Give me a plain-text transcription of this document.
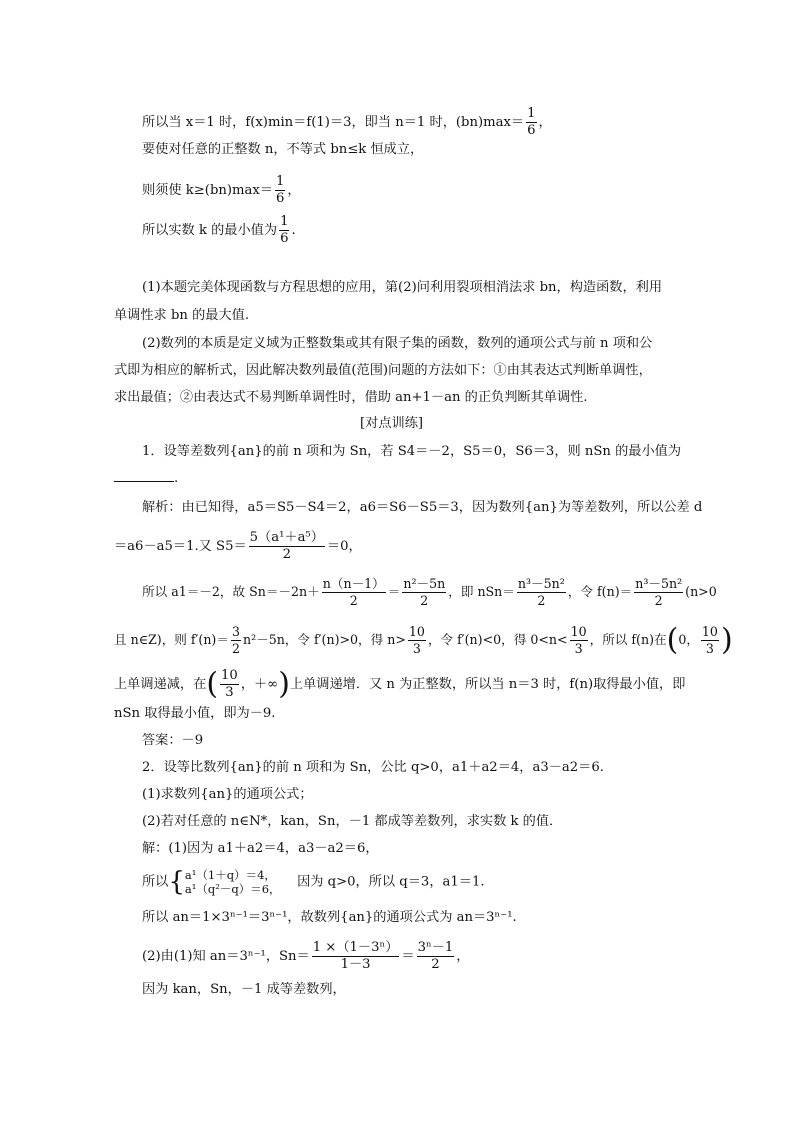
所以当 x＝1 时，f(x)min＝f(1)＝3，即当 n＝1 时，$(bn)\max= \frac{1}{6}$ ，
要使对任意的正整数 n，不等式 bn≤k 恒成立，
则须使 $k\ge(bn)\max= \frac{1}{6}$ ，
所以实数 k 的最小值为 $\frac{1}{6}$ .
(1)本题完美体现函数与方程思想的应用，第(2)问利用裂项相消法求 bn，构造函数，利用
单调性求 bn 的最大值.
(2)数列的本质是定义域为正整数集或其有限子集的函数，数列的通项公式与前 n 项和公
式即为相应的解析式，因此解决数列最值(范围)问题的方法如下：①由其表达式判断单调性，
求出最值；②由表达式不易判断单调性时，借助 an+1－an 的正负判断其单调性.
[对点训练]
1．设等差数列{an}的前 n 项和为 Sn，若 S4＝－2，S5＝0，S6＝3，则 nSn 的最小值为
.
解析：由已知得，a5＝S5－S4＝2，a6＝S6－S5＝3，因为数列{an}为等差数列，所以公差 d
＝a6－a5＝1.又 $S5= \frac{\text{5（a¹＋a⁵）}}{2} =0$，
所以 a1＝－2，故 $Sn=-2n+ \frac{n(n-1)}{2} = \frac{\text{n²－5n}}{2}$ ，即 $nSn= \frac{\text{n³－5n²}}{2}$ ，令 $f(n)= \frac{\text{n³－5n²}}{2} (n>0$
且 n∈Z)，则 $f'(n)= \frac{3}{2} n^2-5n$，令 f′(n)>0，得 $n> \frac{10}{3}$ ，令 f′(n)<0，得 $0<n< \frac{10}{3}$ ，所以 f(n)在(0， $\frac{10}{3}$ )
上单调递减，在( $\frac{10}{3}$ ，＋∞)上单调递增．又 n 为正整数，所以当 n＝3 时，f(n)取得最小值，即
nSn 取得最小值，即为－9.
答案：－9
2．设等比数列{an}的前 n 项和为 Sn，公比 q>0，a1＋a2＝4，a3－a2＝6.
(1)求数列{an}的通项公式；
(2)若对任意的 n∈N*，kan，Sn，－1 都成等差数列，求实数 k 的值．
解：(1)因为 a1＋a2＝4，a3－a2＝6，
所以{ a¹（1＋q）＝4，
a¹（q²－q）＝6， 因为 q>0，所以 q＝3，a1＝1.
所以 an＝1×3ⁿ⁻¹＝3ⁿ⁻¹，故数列{an}的通项公式为 an＝3ⁿ⁻¹.
(2)由(1)知 an＝3ⁿ⁻¹，$Sn= \frac{\text{1 ×（1－3ⁿ）}}{1-3} = \frac{\text{3ⁿ－1}}{2}$ ，
因为 kan，Sn，－1 成等差数列，
